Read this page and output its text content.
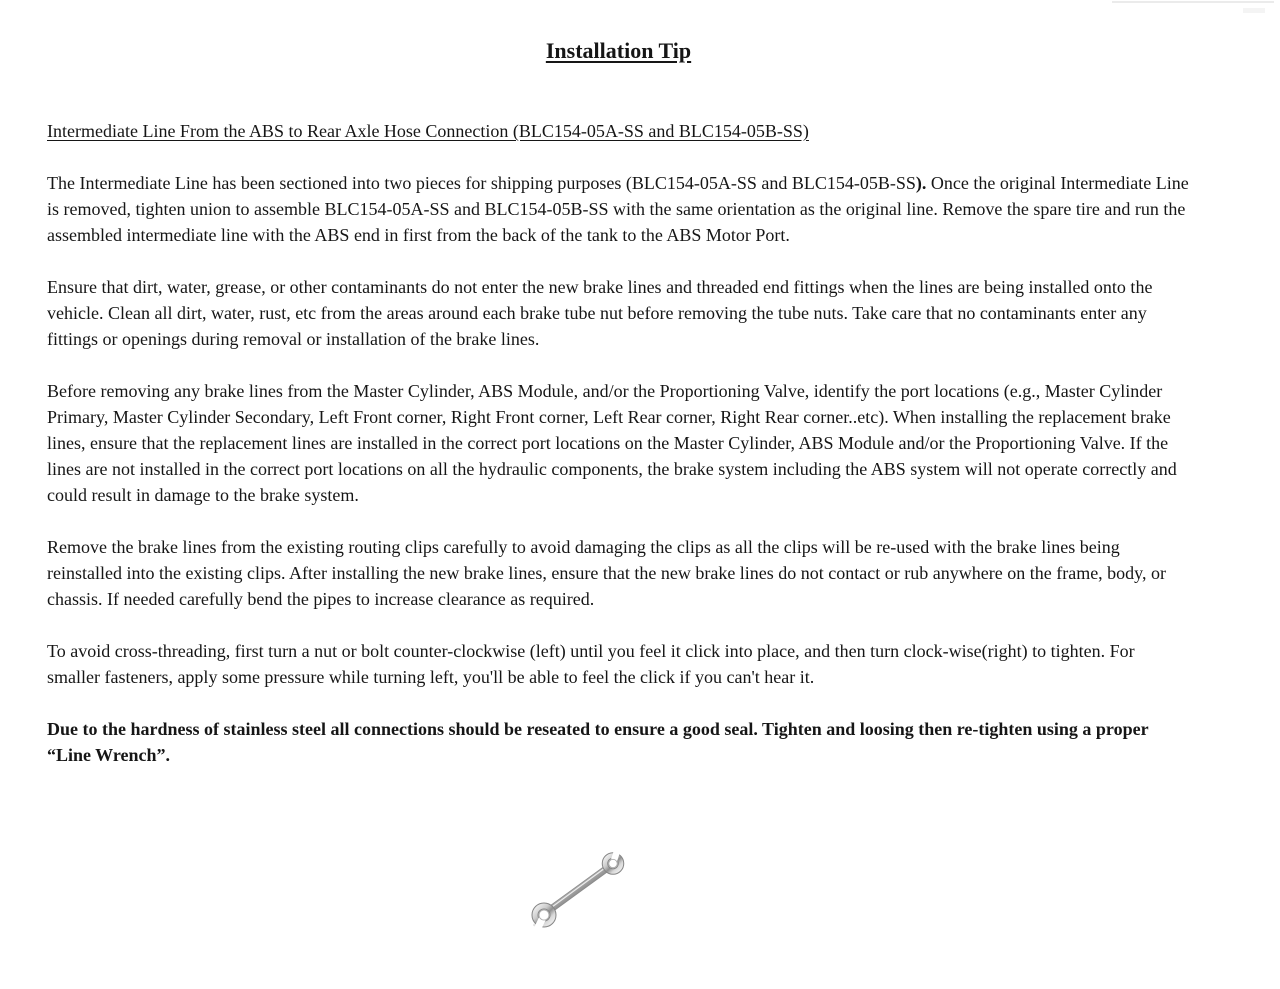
Installation Tip
Intermediate Line From the ABS to Rear Axle Hose Connection (BLC154-05A-SS and BLC154-05B-SS)

The Intermediate Line has been sectioned into two pieces for shipping purposes (BLC154-05A-SS and BLC154-05B-SS). Once the original Intermediate Line is removed, tighten union to assemble BLC154-05A-SS and BLC154-05B-SS with the same orientation as the original line. Remove the spare tire and run the assembled intermediate line with the ABS end in first from the back of the tank to the ABS Motor Port.

Ensure that dirt, water, grease, or other contaminants do not enter the new brake lines and threaded end fittings when the lines are being installed onto the vehicle. Clean all dirt, water, rust, etc from the areas around each brake tube nut before removing the tube nuts. Take care that no contaminants enter any fittings or openings during removal or installation of the brake lines.

Before removing any brake lines from the Master Cylinder, ABS Module, and/or the Proportioning Valve, identify the port locations (e.g., Master Cylinder Primary, Master Cylinder Secondary, Left Front corner, Right Front corner, Left Rear corner, Right Rear corner..etc). When installing the replacement brake lines, ensure that the replacement lines are installed in the correct port locations on the Master Cylinder, ABS Module and/or the Proportioning Valve. If the lines are not installed in the correct port locations on all the hydraulic components, the brake system including the ABS system will not operate correctly and could result in damage to the brake system.

Remove the brake lines from the existing routing clips carefully to avoid damaging the clips as all the clips will be re-used with the brake lines being reinstalled into the existing clips. After installing the new brake lines, ensure that the new brake lines do not contact or rub anywhere on the frame, body, or chassis. If needed carefully bend the pipes to increase clearance as required.

To avoid cross-threading, first turn a nut or bolt counter-clockwise (left) until you feel it click into place, and then turn clock-wise(right) to tighten. For smaller fasteners, apply some pressure while turning left, you'll be able to feel the click if you can't hear it.

Due to the hardness of stainless steel all connections should be reseated to ensure a good seal. Tighten and loosing then re-tighten using a proper “Line Wrench”.
